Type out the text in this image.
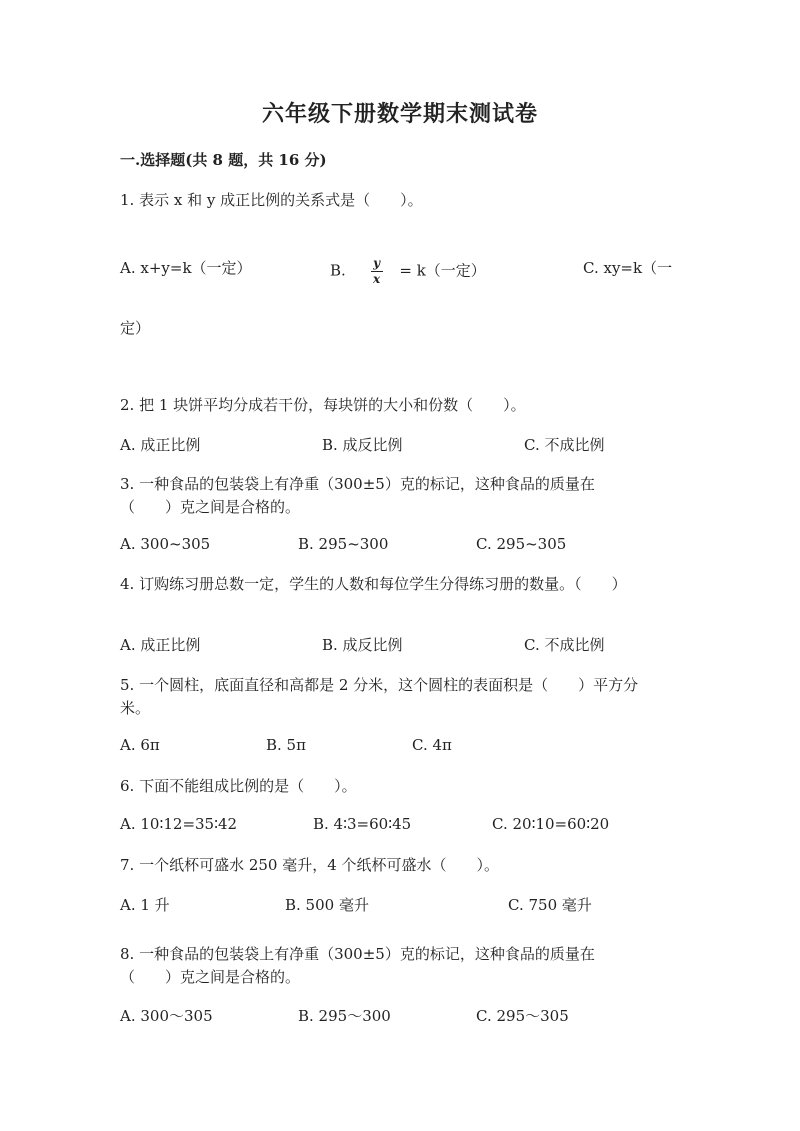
六年级下册数学期末测试卷
一.选择题(共 8 题，共 16 分)
1. 表示 x 和 y 成正比例的关系式是（　　）。
A. x+y=k（一定）	B. $\frac{y}{x} = k$（一定）	C. xy=k（一
定）
2. 把 1 块饼平均分成若干份，每块饼的大小和份数（　　）。
A. 成正比例	B. 成反比例	C. 不成比例
3. 一种食品的包装袋上有净重（300±5）克的标记，这种食品的质量在
（　　）克之间是合格的。
A. 300~305	B. 295~300	C. 295~305
4. 订购练习册总数一定，学生的人数和每位学生分得练习册的数量。（　　）
A. 成正比例	B. 成反比例	C. 不成比例
5. 一个圆柱，底面直径和高都是 2 分米，这个圆柱的表面积是（　　）平方分
米。
A. 6π	B. 5π	C. 4π
6. 下面不能组成比例的是（　　）。
A. 10∶12=35∶42	B. 4∶3=60∶45	C. 20∶10=60∶20
7. 一个纸杯可盛水 250 毫升，4 个纸杯可盛水（　　）。
A. 1 升	B. 500 毫升	C. 750 毫升
8. 一种食品的包装袋上有净重（300±5）克的标记，这种食品的质量在
（　　）克之间是合格的。
A. 300～305	B. 295～300	C. 295～305
